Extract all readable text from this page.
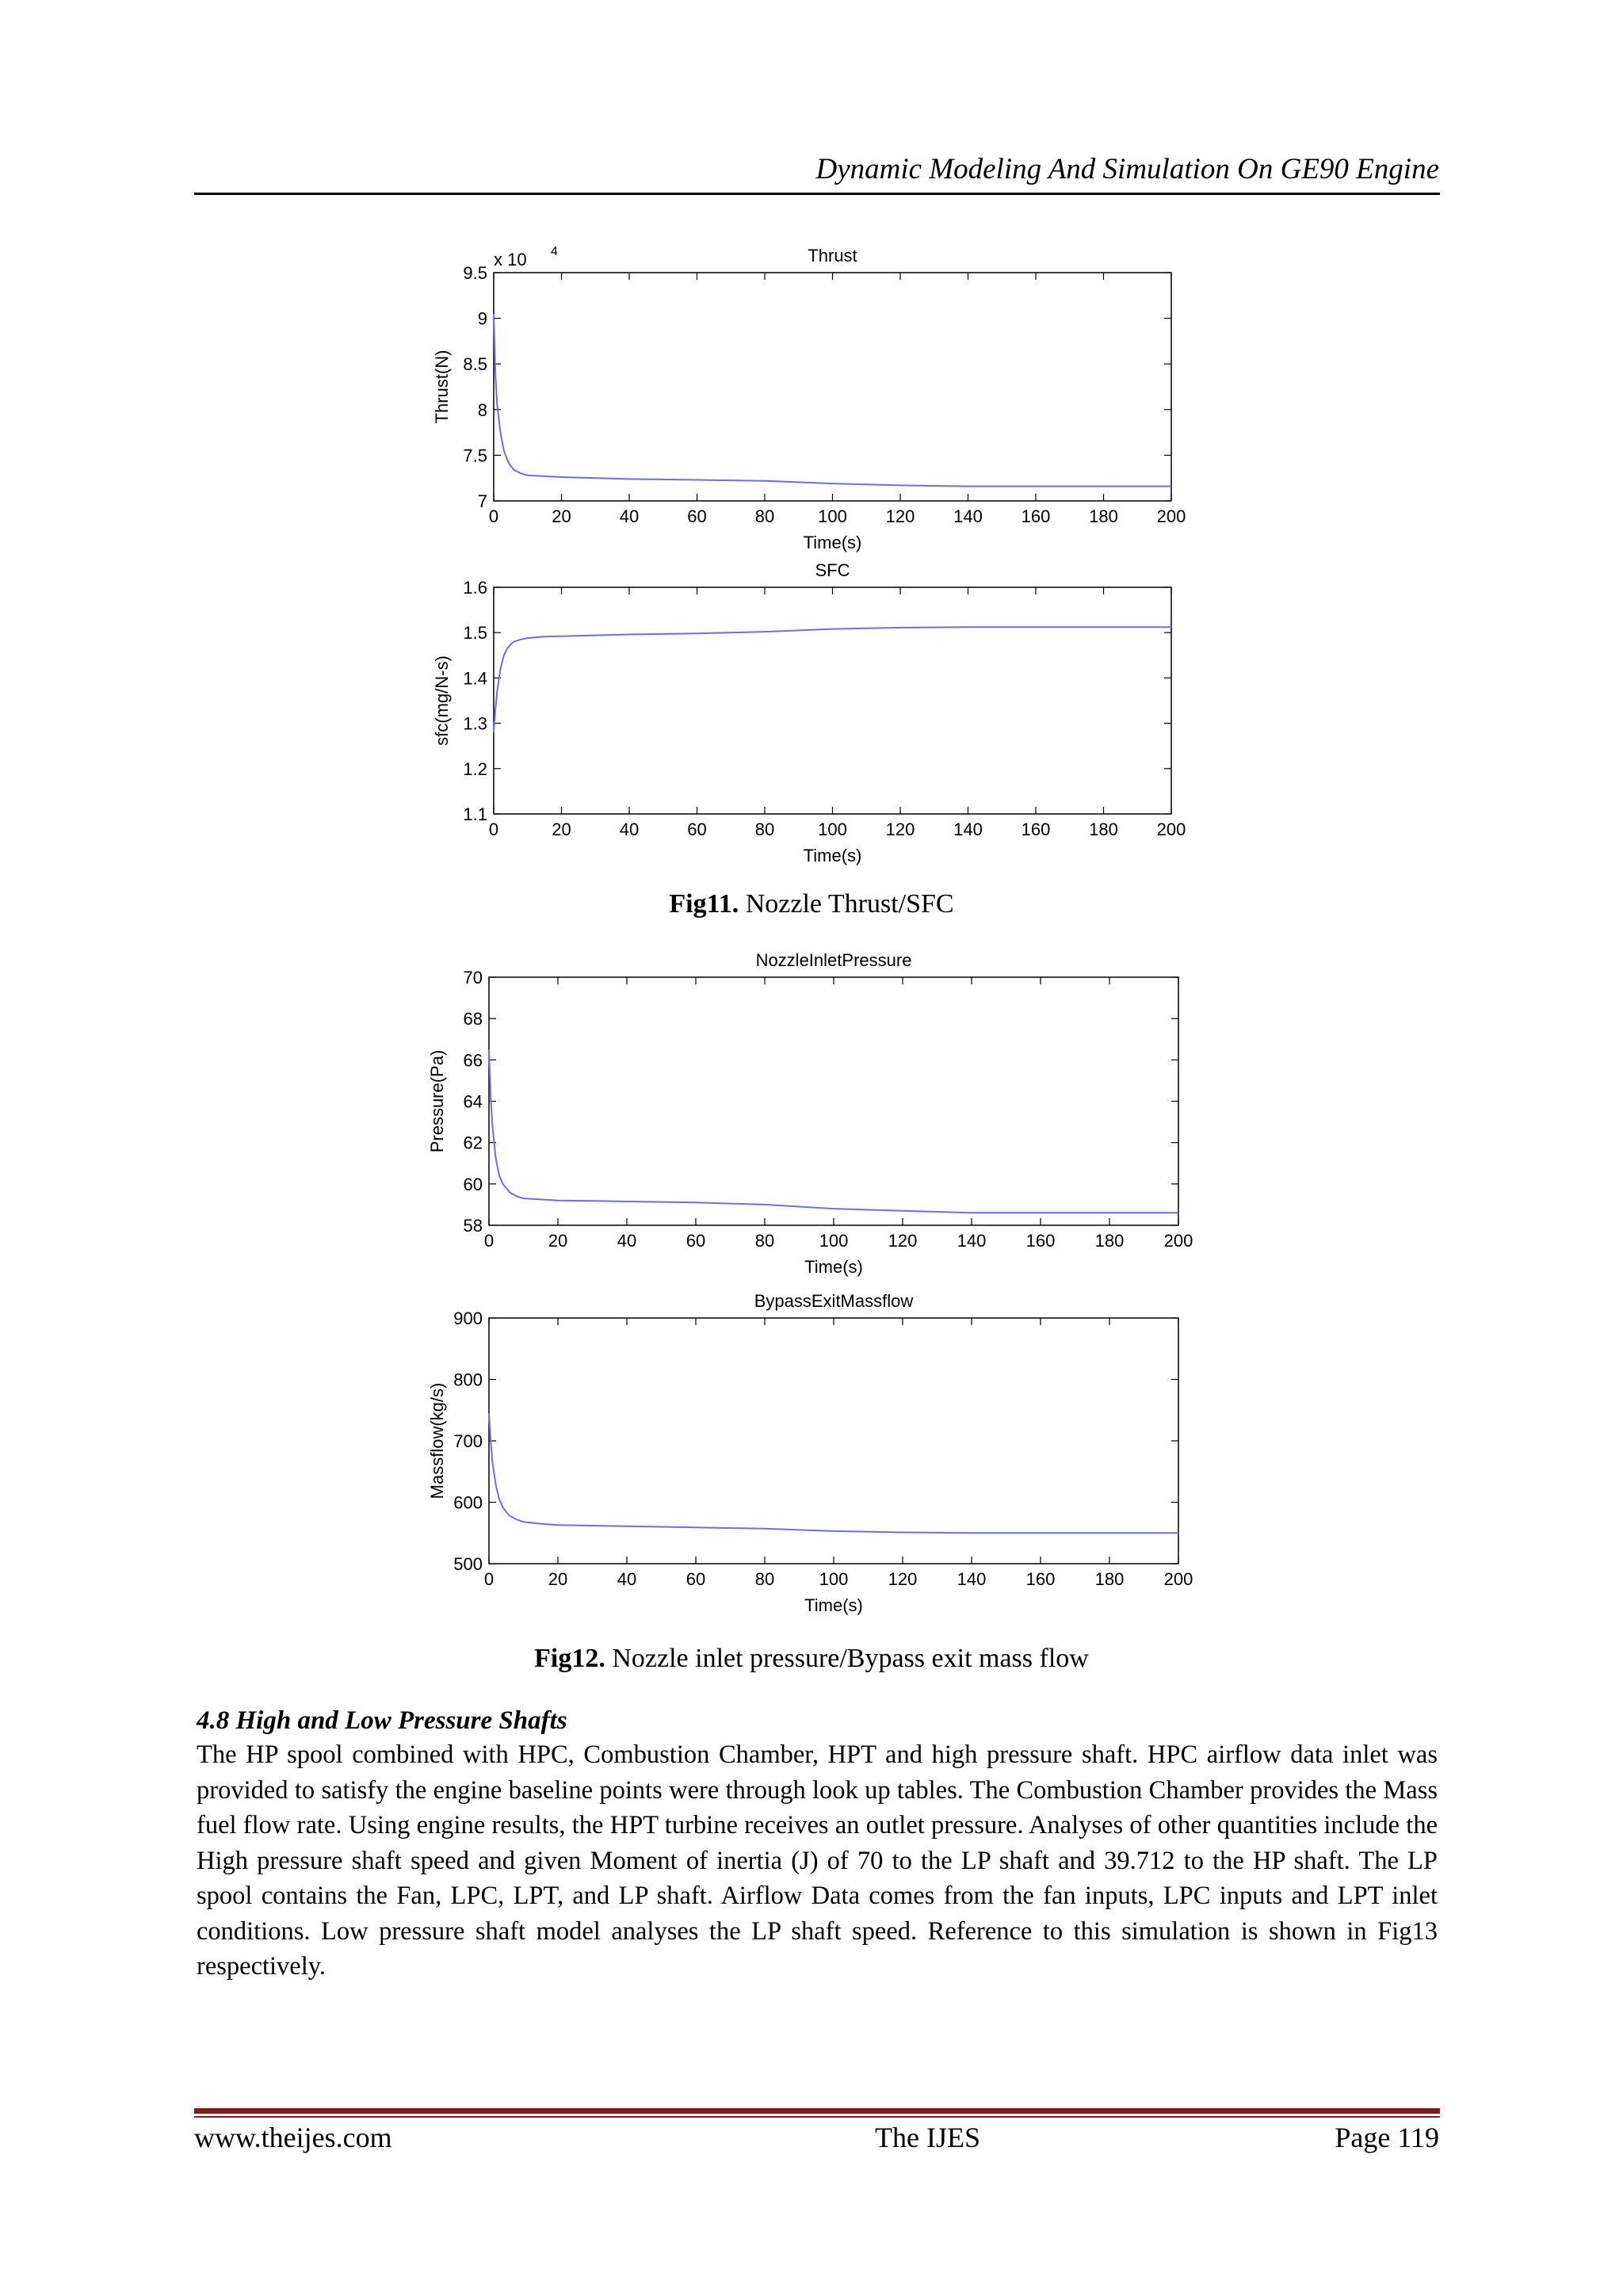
Dynamic Modeling And Simulation On GE90 Engine
0	20	40	60	80 100 120 140 160 180 200
7
7.5
8
8.5
9
9.5
Thrust
Time(s)
Thrust(N)
x 10 4
0	20	40	60	80 100 120 140 160 180 200
1.1
1.2
1.3
1.4
1.5
1.6
SFC
Time(s)
sfc(mg/N-s)
0	20	40	60	80	100 120 140 160 180 200
58
60
62
64
66
68
70
NozzleInletPressure
Time(s)
Pressure(Pa)
0	20	40	60	80	100 120 140 160 180 200
500
600
700
800
900
BypassExitMassflow
Time(s)
Massflow(kg/s)
Fig11. Nozzle Thrust/SFC
Fig12. Nozzle inlet pressure/Bypass exit mass flow
4.8 High and Low Pressure Shafts
The HP spool combined with HPC, Combustion Chamber, HPT and high pressure shaft. HPC airflow data inlet was provided to satisfy the engine baseline points were through look up tables. The Combustion Chamber provides the Mass fuel flow rate. Using engine results, the HPT turbine receives an outlet pressure. Analyses of other quantities include the High pressure shaft speed and given Moment of inertia (J) of 70 to the LP shaft and 39.712 to the HP shaft. The LP spool contains the Fan, LPC, LPT, and LP shaft. Airflow Data comes from the fan inputs, LPC inputs and LPT inlet conditions. Low pressure shaft model analyses the LP shaft speed. Reference to this simulation is shown in Fig13 respectively.
www.theijes.com	The IJES	Page 119
